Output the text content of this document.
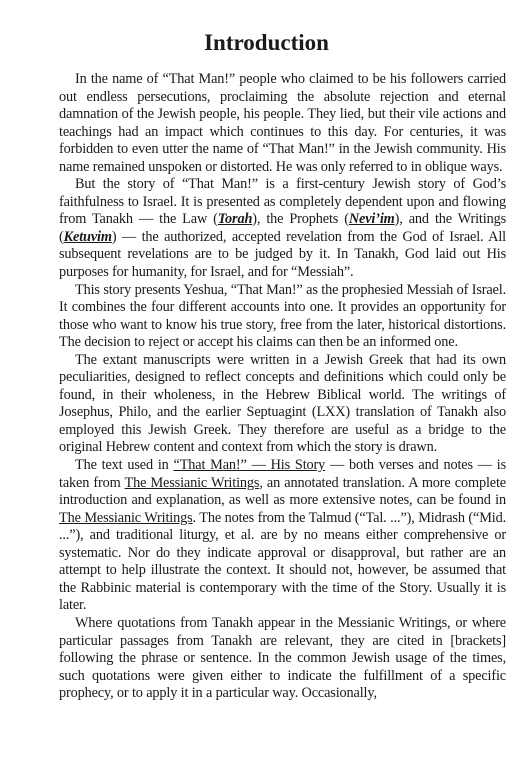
Introduction

In the name of “That Man!” people who claimed to be his followers carried out endless persecutions, proclaiming the absolute rejection and eternal damnation of the Jewish people, his people. They lied, but their vile actions and teachings had an impact which continues to this day. For centuries, it was forbidden to even utter the name of “That Man!” in the Jewish community. His name remained unspoken or distorted. He was only referred to in oblique ways.

But the story of “That Man!” is a first-century Jewish story of God’s faithfulness to Israel. It is presented as completely dependent upon and flowing from Tanakh — the Law (Torah), the Prophets (Nevi’im), and the Writings (Ketuvim) — the authorized, accepted revelation from the God of Israel. All subsequent revelations are to be judged by it. In Tanakh, God laid out His purposes for humanity, for Israel, and for “Messiah”.

This story presents Yeshua, “That Man!” as the prophesied Messiah of Israel. It combines the four different accounts into one. It provides an opportunity for those who want to know his true story, free from the later, historical distortions. The decision to reject or accept his claims can then be an informed one.

The extant manuscripts were written in a Jewish Greek that had its own peculiarities, designed to reflect concepts and definitions which could only be found, in their wholeness, in the Hebrew Biblical world. The writings of Josephus, Philo, and the earlier Septuagint (LXX) translation of Tanakh also employed this Jewish Greek. They therefore are useful as a bridge to the original Hebrew content and context from which the story is drawn.

The text used in “That Man!” — His Story — both verses and notes — is taken from The Messianic Writings, an annotated translation. A more complete introduction and explanation, as well as more extensive notes, can be found in The Messianic Writings. The notes from the Talmud (“Tal. ...”), Midrash (“Mid. ...”), and traditional liturgy, et al. are by no means either comprehensive or systematic. Nor do they indicate approval or disapproval, but rather are an attempt to help illustrate the context. It should not, however, be assumed that the Rabbinic material is contemporary with the time of the Story. Usually it is later.

Where quotations from Tanakh appear in the Messianic Writings, or where particular passages from Tanakh are relevant, they are cited in [brackets] following the phrase or sentence. In the common Jewish usage of the times, such quotations were given either to indicate the fulfillment of a specific prophecy, or to apply it in a particular way. Occasionally,
